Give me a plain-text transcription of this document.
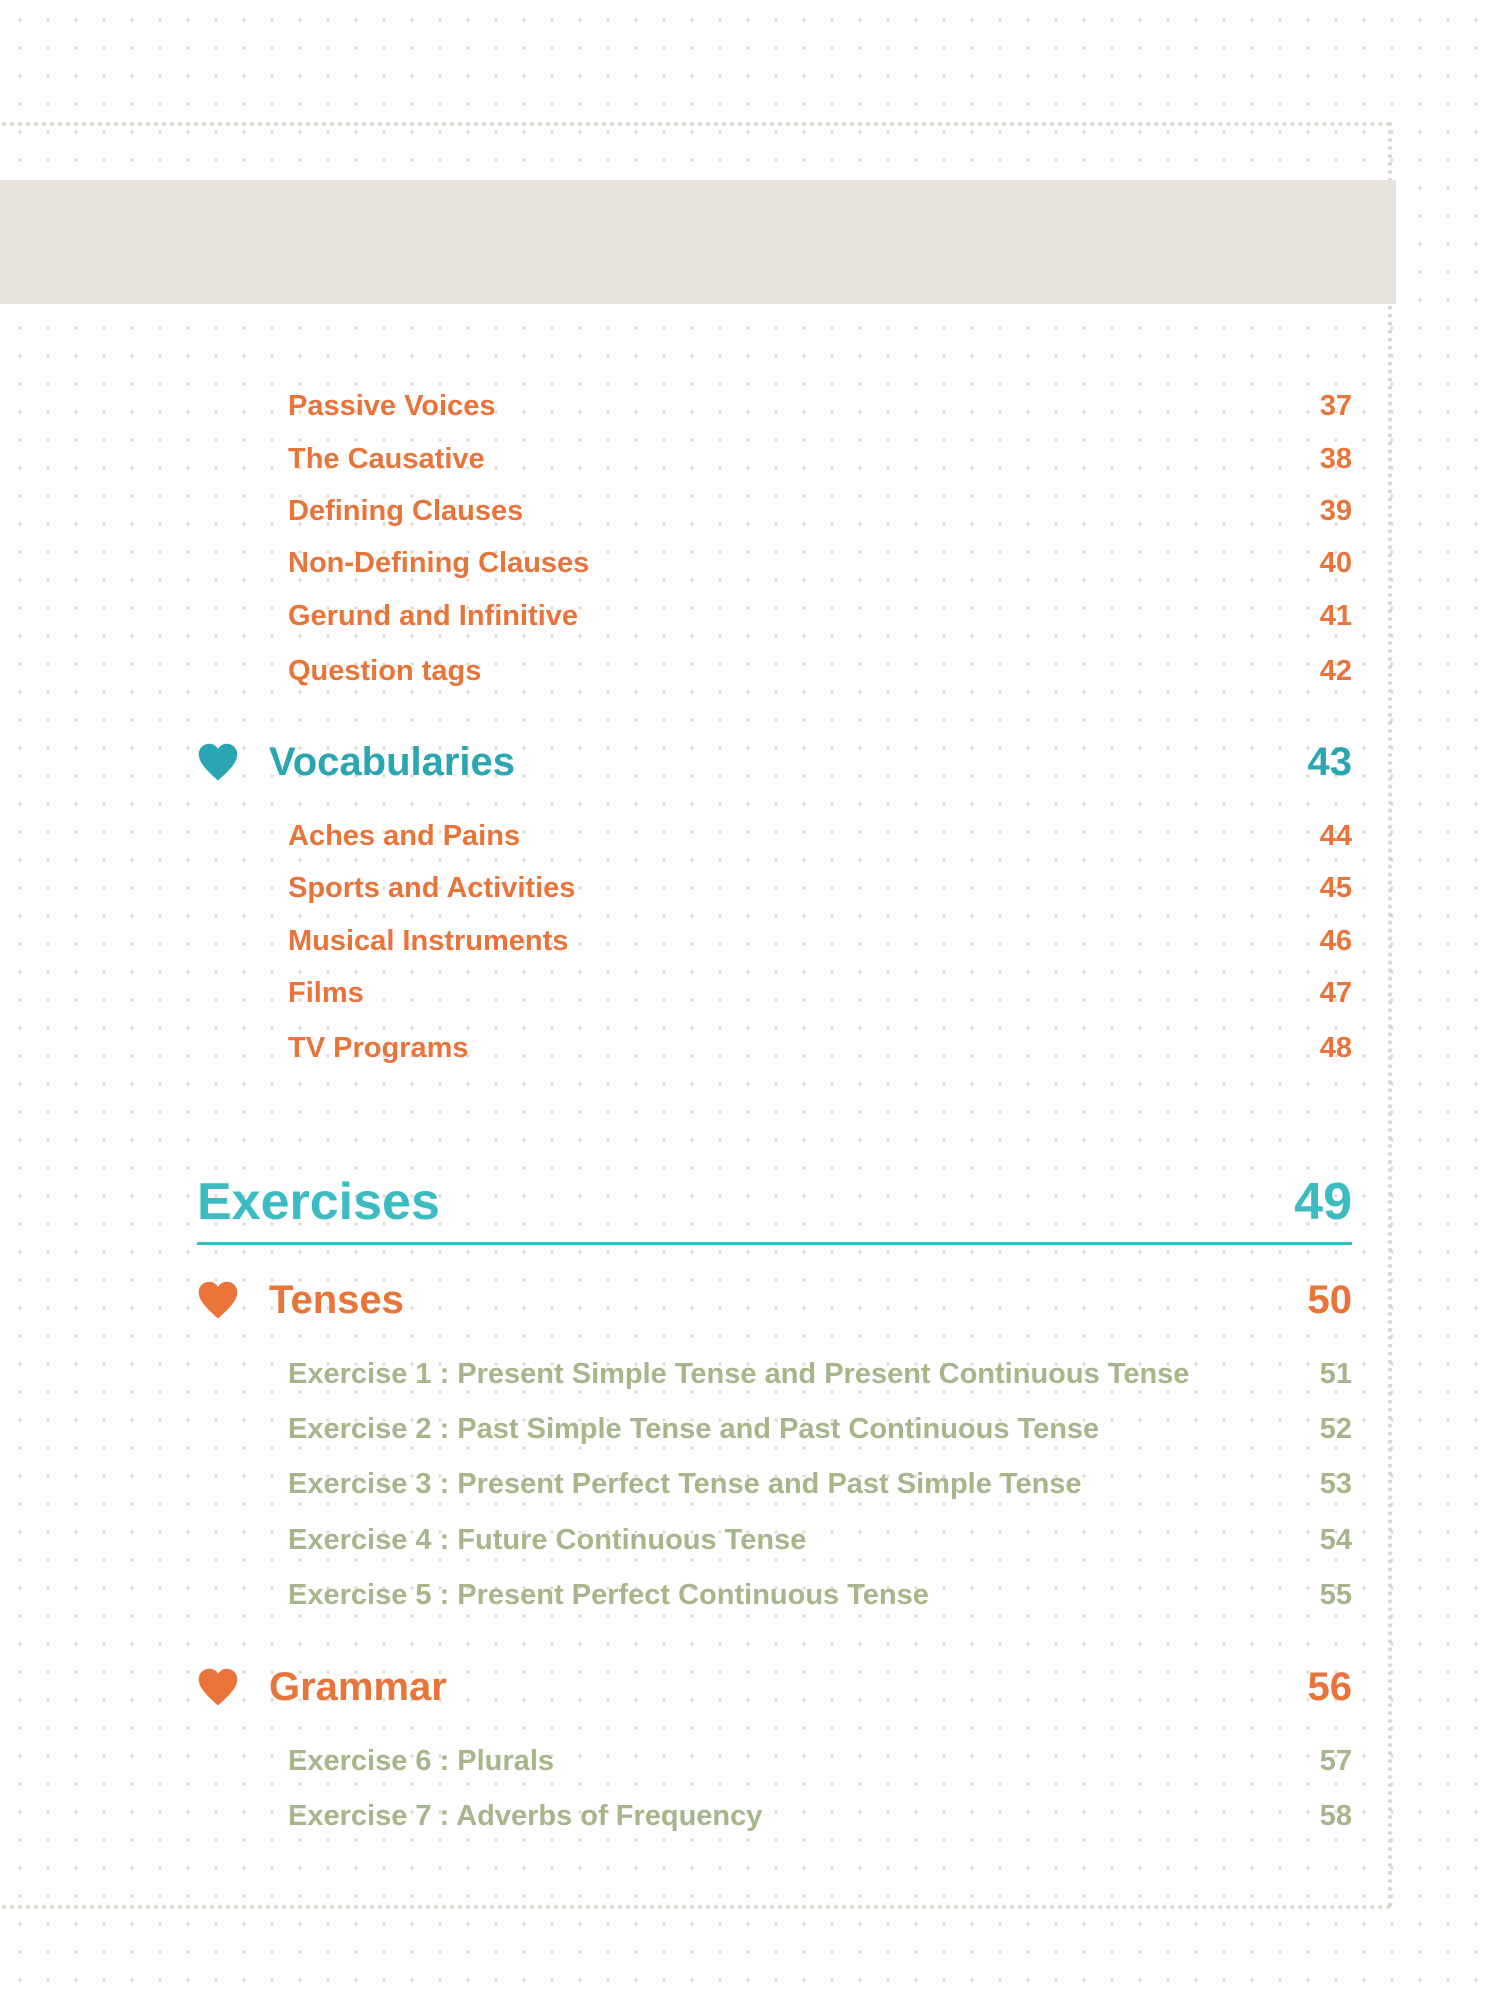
Passive Voices	37
The Causative	38
Defining Clauses	39
Non-Defining Clauses	40
Gerund and Infinitive	41
Question tags	42
Vocabularies	43
Aches and Pains	44
Sports and Activities	45
Musical Instruments	46
Films	47
TV Programs	48
Exercises	49
Tenses	50
Exercise 1 : Present Simple Tense and Present Continuous Tense	51
Exercise 2 : Past Simple Tense and Past Continuous Tense	52
Exercise 3 : Present Perfect Tense and Past Simple Tense	53
Exercise 4 : Future Continuous Tense	54
Exercise 5 : Present Perfect Continuous Tense	55
Grammar	56
Exercise 6 : Plurals	57
Exercise 7 : Adverbs of Frequency	58
